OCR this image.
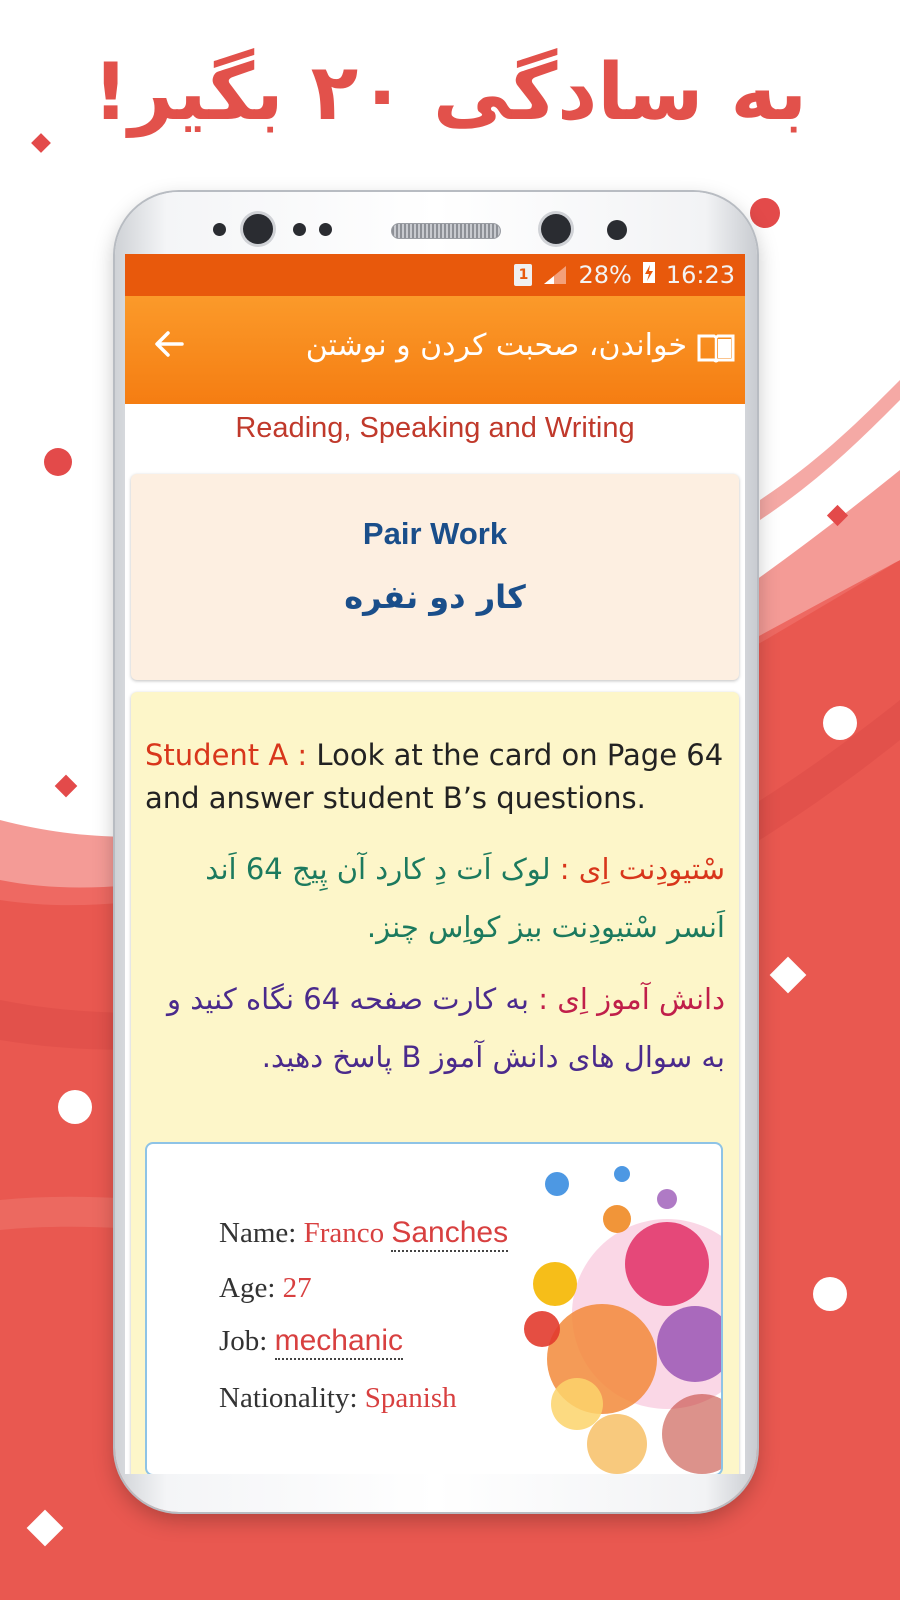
به سادگی ۲۰ بگیر!
1 28% 16:23
خواندن، صحبت کردن و نوشتن
Reading, Speaking and Writing
Pair Work
کار دو نفره
Student A : Look at the card on Page 64 and answer student B’s questions.
سْتیودِنت اِی : لوک اَت دِ کارد آن پِیج 64 اَند اَنسر سْتیودِنت بیز کواِس چنز.
دانش آموز اِی : به کارت صفحه 64 نگاه کنید و به سوال های دانش آموز B پاسخ دهید.
Name: Franco Sanches
Age: 27
Job: mechanic
Nationality: Spanish
